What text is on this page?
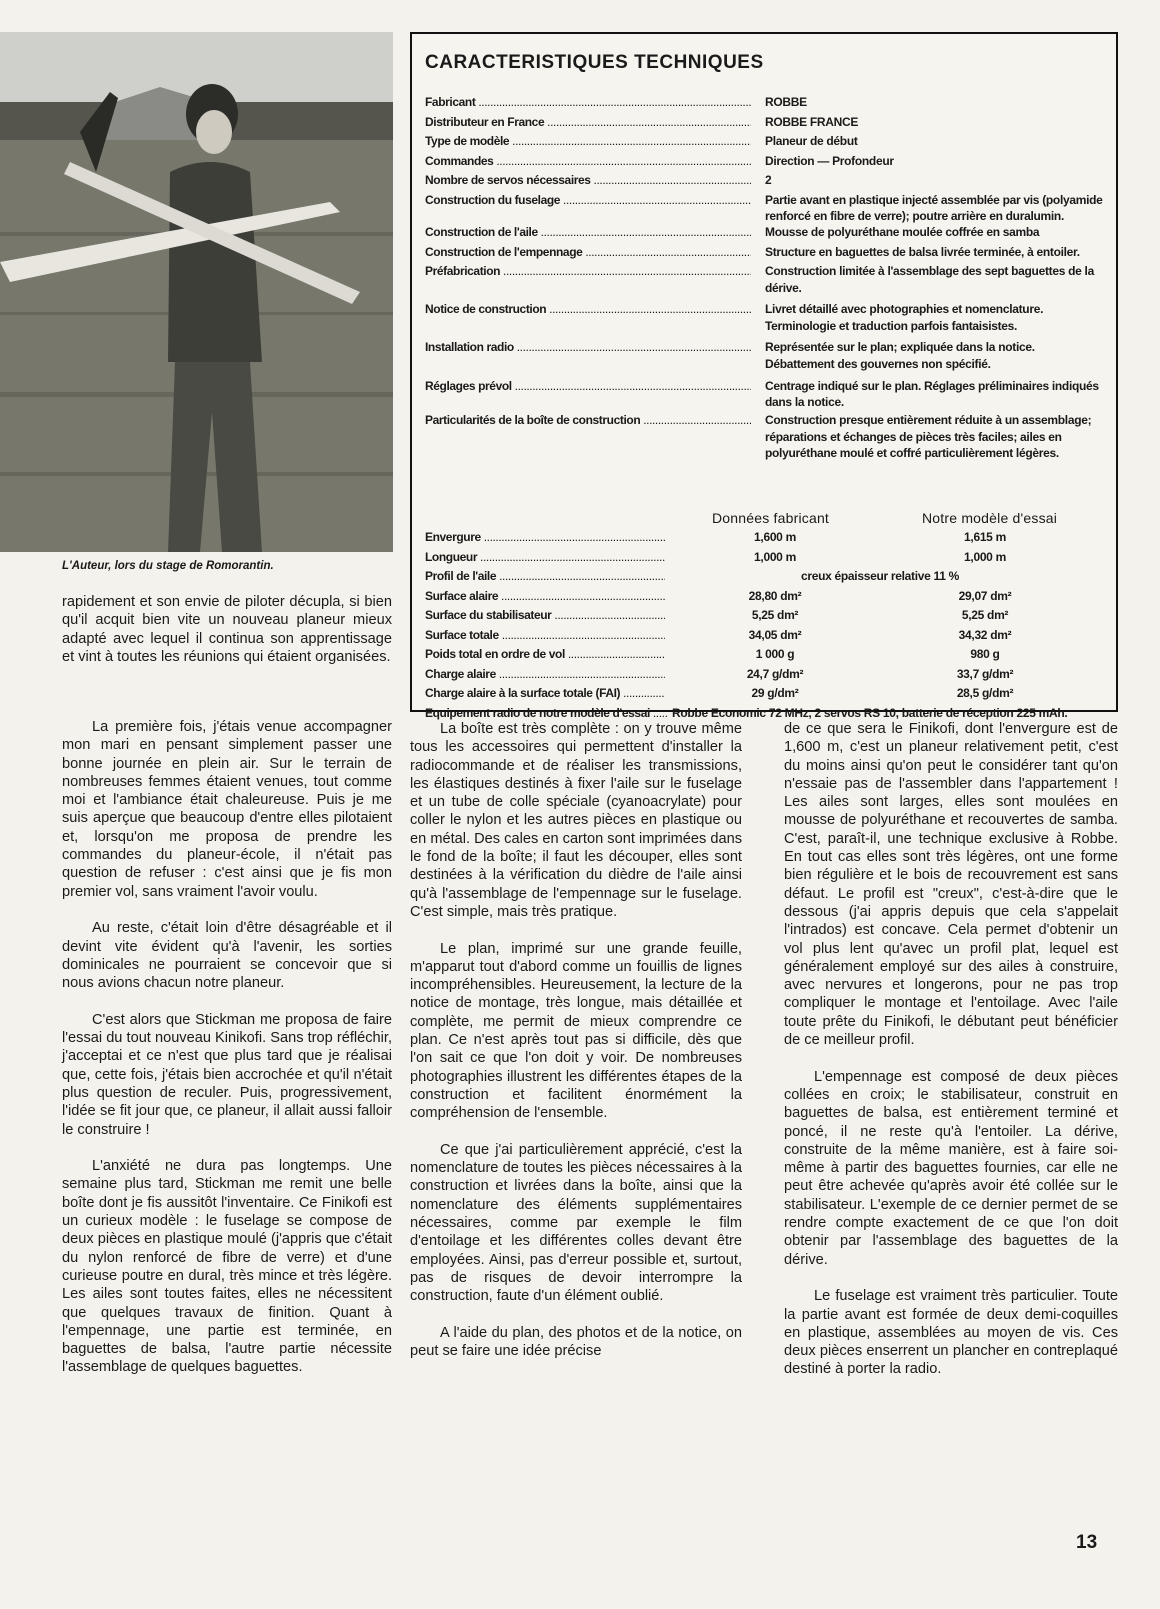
L'Auteur, lors du stage de Romorantin.
CARACTERISTIQUES TECHNIQUES
Fabricant .....	ROBBE
Distributeur en France .....	ROBBE FRANCE
Type de modèle .....	Planeur de début
Commandes .....	Direction — Profondeur
Nombre de servos nécessaires .....	2
Construction du fuselage .....	Partie avant en plastique injecté assemblée par vis (polyamide renforcé en fibre de verre); poutre arrière en duralumin.
Construction de l'aile .....	Mousse de polyuréthane moulée coffrée en samba
Construction de l'empennage .....	Structure en baguettes de balsa livrée terminée, à entoiler.
Préfabrication .....	Construction limitée à l'assemblage des sept baguettes de la dérive.
Notice de construction .....	Livret détaillé avec photographies et nomenclature. Terminologie et traduction parfois fantaisistes.
Installation radio .....	Représentée sur le plan; expliquée dans la notice. Débattement des gouvernes non spécifié.
Réglages prévol .....	Centrage indiqué sur le plan. Réglages préliminaires indiqués dans la notice.
Particularités de la boîte de construction .....	Construction presque entièrement réduite à un assemblage; réparations et échanges de pièces très faciles; ailes en polyuréthane moulé et coffré particulièrement légères.
Données fabricant	Notre modèle d'essai
Envergure .....	1,600 m	1,615 m
Longueur .....	1,000 m	1,000 m
Profil de l'aile .....	creux épaisseur relative 11 %
Surface alaire .....	28,80 dm²	29,07 dm²
Surface du stabilisateur .....	5,25 dm²	5,25 dm²
Surface totale .....	34,05 dm²	34,32 dm²
Poids total en ordre de vol .....	1 000 g	980 g
Charge alaire .....	24,7 g/dm²	33,7 g/dm²
Charge alaire à la surface totale (FAI) .....	29 g/dm²	28,5 g/dm²
Equipement radio de notre modèle d'essai .....	Robbe Economic 72 MHz, 2 servos RS 10, batterie de réception 225 mAh.

rapidement et son envie de piloter décupla, si bien qu'il acquit bien vite un nouveau planeur mieux adapté avec lequel il continua son apprentissage et vint à toutes les réunions qui étaient organisées.

La première fois, j'étais venue accompagner mon mari en pensant simplement passer une bonne journée en plein air. Sur le terrain de nombreuses femmes étaient venues, tout comme moi et l'ambiance était chaleureuse. Puis je me suis aperçue que beaucoup d'entre elles pilotaient et, lorsqu'on me proposa de prendre les commandes du planeur-école, il n'était pas question de refuser : c'est ainsi que je fis mon premier vol, sans vraiment l'avoir voulu.

Au reste, c'était loin d'être désagréable et il devint vite évident qu'à l'avenir, les sorties dominicales ne pourraient se concevoir que si nous avions chacun notre planeur.

C'est alors que Stickman me proposa de faire l'essai du tout nouveau Kinikofi. Sans trop réfléchir, j'acceptai et ce n'est que plus tard que je réalisai que, cette fois, j'étais bien accrochée et qu'il n'était plus question de reculer. Puis, progressivement, l'idée se fit jour que, ce planeur, il allait aussi falloir le construire !

L'anxiété ne dura pas longtemps. Une semaine plus tard, Stickman me remit une belle boîte dont je fis aussitôt l'inventaire. Ce Finikofi est un curieux modèle : le fuselage se compose de deux pièces en plastique moulé (j'appris que c'était du nylon renforcé de fibre de verre) et d'une curieuse poutre en dural, très mince et très légère. Les ailes sont toutes faites, elles ne nécessitent que quelques travaux de finition. Quant à l'empennage, une partie est terminée, en baguettes de balsa, l'autre partie nécessite l'assemblage de quelques baguettes.

La boîte est très complète : on y trouve même tous les accessoires qui permettent d'installer la radiocommande et de réaliser les transmissions, les élastiques destinés à fixer l'aile sur le fuselage et un tube de colle spéciale (cyanoacrylate) pour coller le nylon et les autres pièces en plastique ou en métal. Des cales en carton sont imprimées dans le fond de la boîte; il faut les découper, elles sont destinées à la vérification du dièdre de l'aile ainsi qu'à l'assemblage de l'empennage sur le fuselage. C'est simple, mais très pratique.

Le plan, imprimé sur une grande feuille, m'apparut tout d'abord comme un fouillis de lignes incompréhensibles. Heureusement, la lecture de la notice de montage, très longue, mais détaillée et complète, me permit de mieux comprendre ce plan. Ce n'est après tout pas si difficile, dès que l'on sait ce que l'on doit y voir. De nombreuses photographies illustrent les différentes étapes de la construction et facilitent énormément la compréhension de l'ensemble.

Ce que j'ai particulièrement apprécié, c'est la nomenclature de toutes les pièces nécessaires à la construction et livrées dans la boîte, ainsi que la nomenclature des éléments supplémentaires nécessaires, comme par exemple le film d'entoilage et les différentes colles devant être employées. Ainsi, pas d'erreur possible et, surtout, pas de risques de devoir interrompre la construction, faute d'un élément oublié.

A l'aide du plan, des photos et de la notice, on peut se faire une idée précise

de ce que sera le Finikofi, dont l'envergure est de 1,600 m, c'est un planeur relativement petit, c'est du moins ainsi qu'on peut le considérer tant qu'on n'essaie pas de l'assembler dans l'appartement ! Les ailes sont larges, elles sont moulées en mousse de polyuréthane et recouvertes de samba. C'est, paraît-il, une technique exclusive à Robbe. En tout cas elles sont très légères, ont une forme bien régulière et le bois de recouvrement est sans défaut. Le profil est "creux", c'est-à-dire que le dessous (j'ai appris depuis que cela s'appelait l'intrados) est concave. Cela permet d'obtenir un vol plus lent qu'avec un profil plat, lequel est généralement employé sur des ailes à construire, avec nervures et longerons, pour ne pas trop compliquer le montage et l'entoilage. Avec l'aile toute prête du Finikofi, le débutant peut bénéficier de ce meilleur profil.

L'empennage est composé de deux pièces collées en croix; le stabilisateur, construit en baguettes de balsa, est entièrement terminé et poncé, il ne reste qu'à l'entoiler. La dérive, construite de la même manière, est à faire soi-même à partir des baguettes fournies, car elle ne peut être achevée qu'après avoir été collée sur le stabilisateur. L'exemple de ce dernier permet de se rendre compte exactement de ce que l'on doit obtenir par l'assemblage des baguettes de la dérive.

Le fuselage est vraiment très particulier. Toute la partie avant est formée de deux demi-coquilles en plastique, assemblées au moyen de vis. Ces deux pièces enserrent un plancher en contreplaqué destiné à porter la radio.

13
